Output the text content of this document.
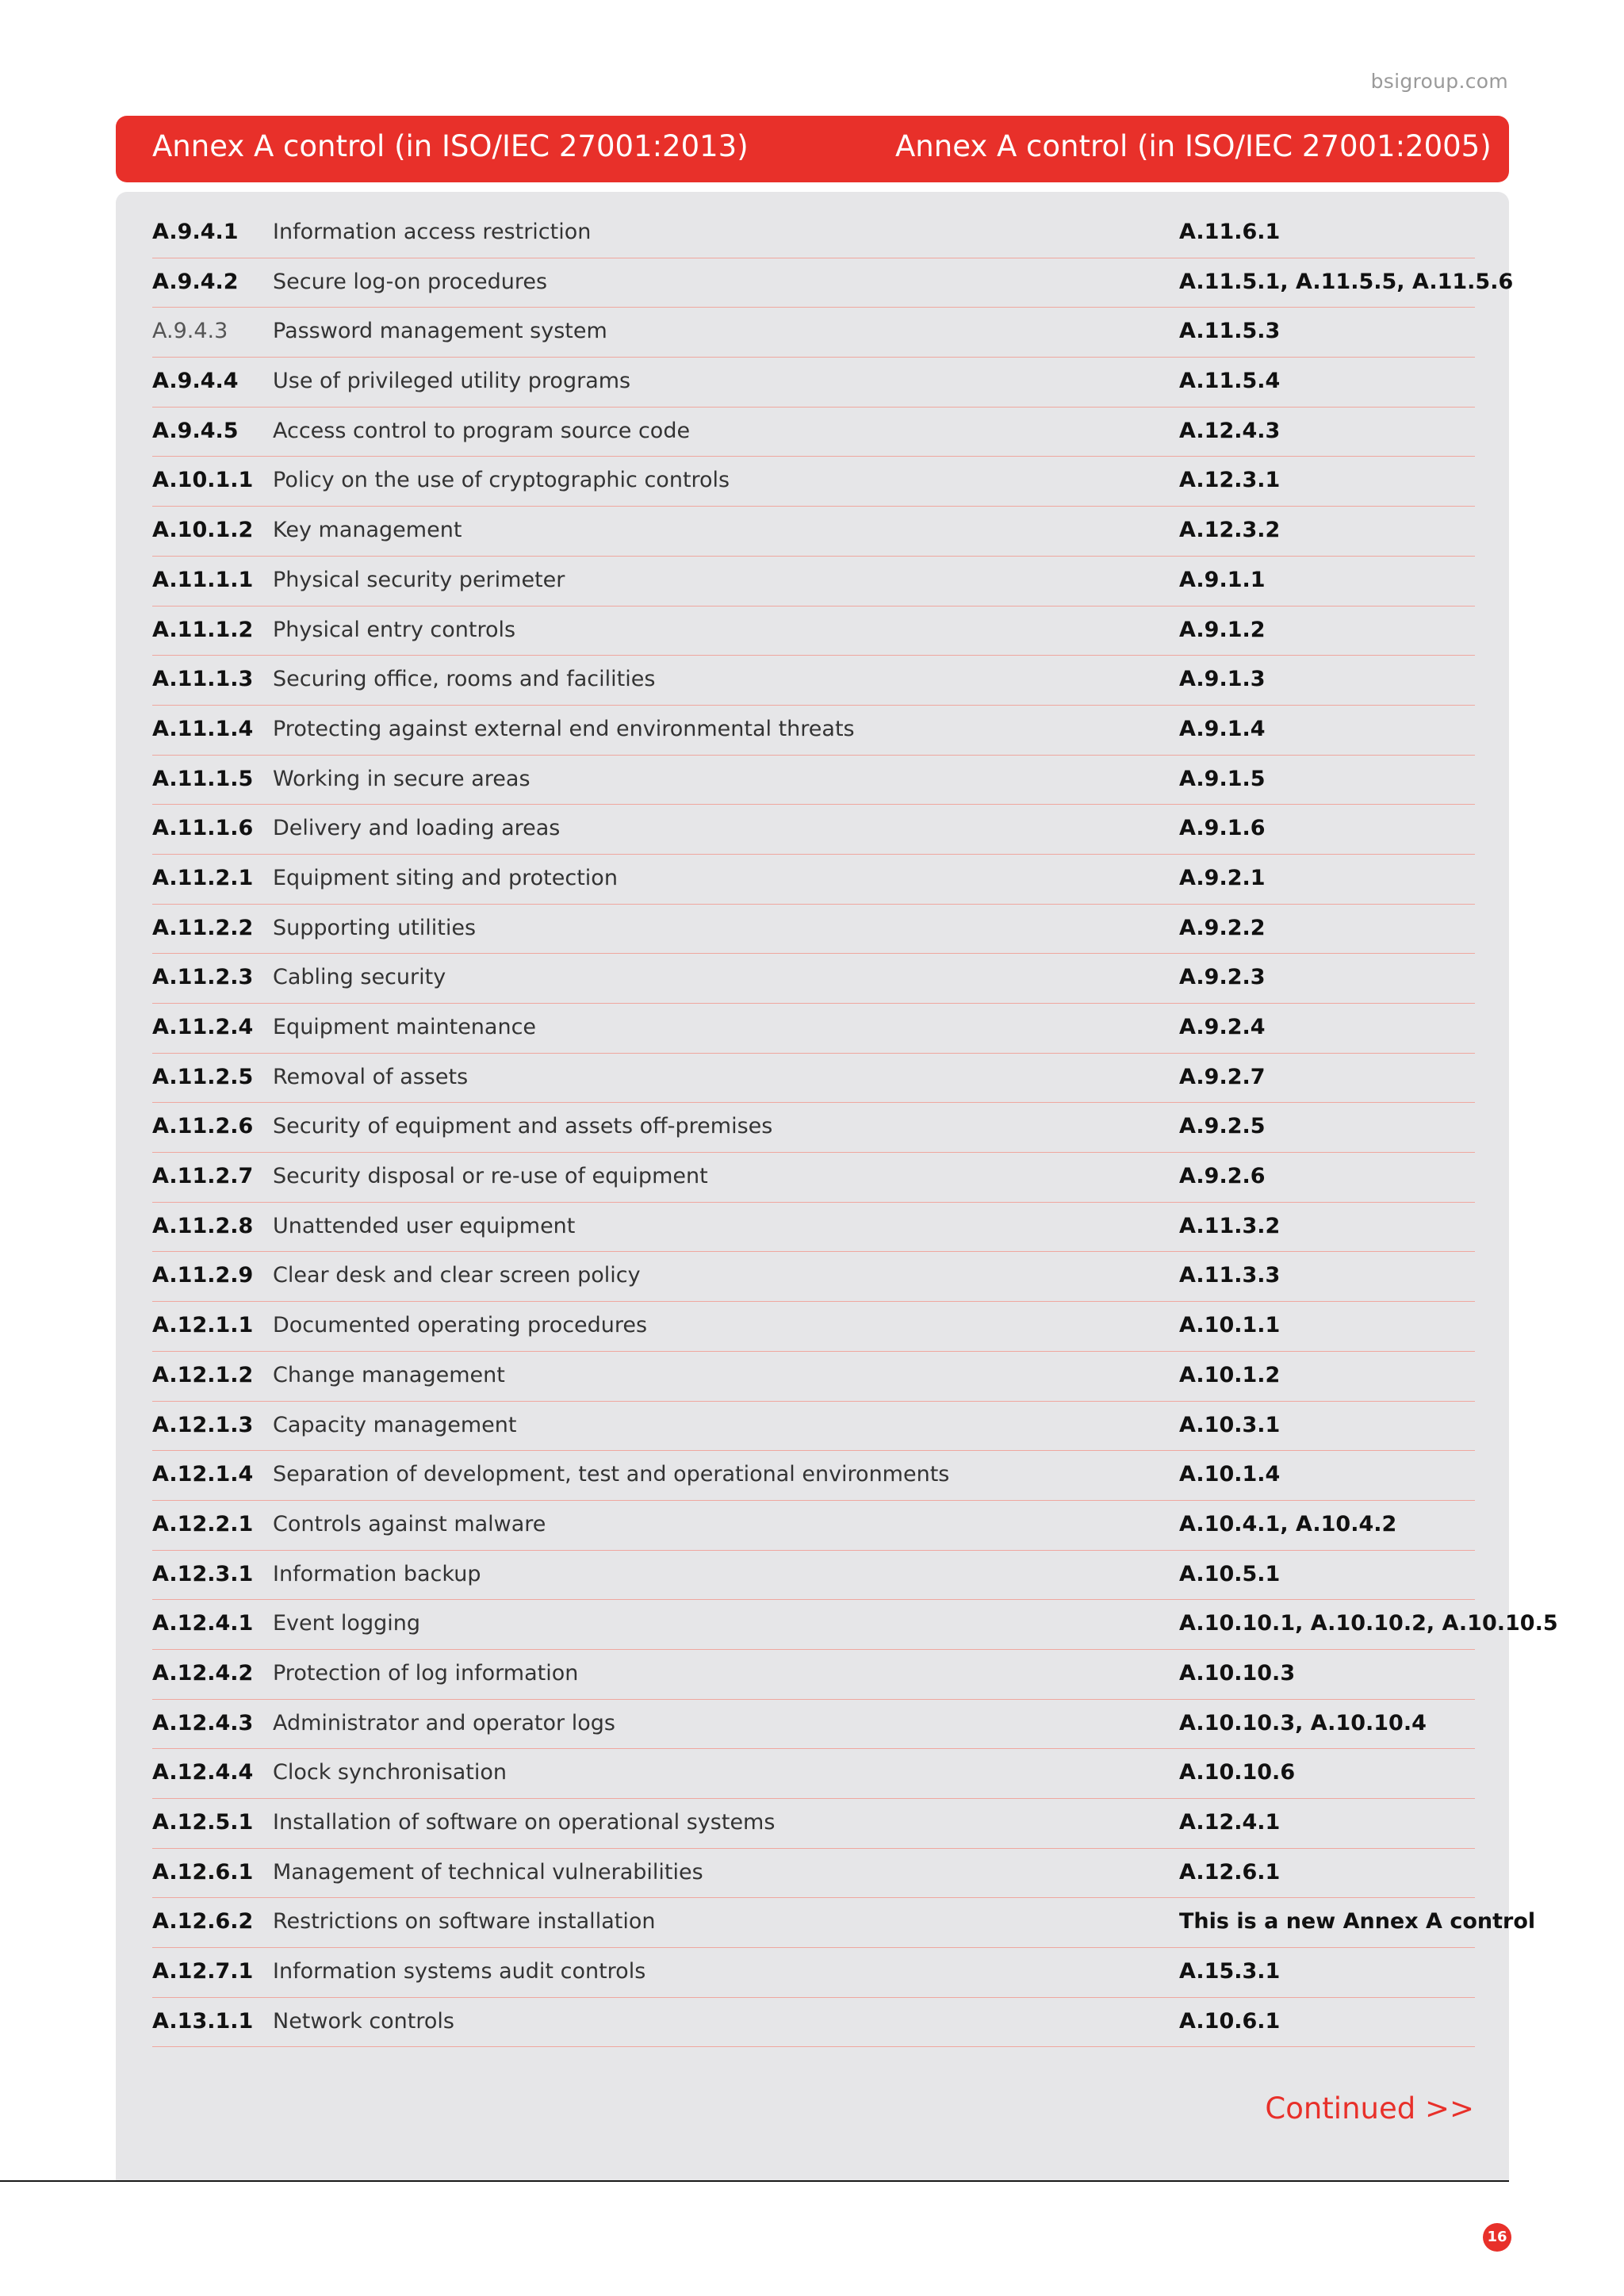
bsigroup.com
Annex A control (in ISO/IEC 27001:2013)	Annex A control (in ISO/IEC 27001:2005)
A.9.4.1 Information access restriction	A.11.6.1
A.9.4.2 Secure log-on procedures	A.11.5.1, A.11.5.5, A.11.5.6
A.9.4.3 Password management system	A.11.5.3
A.9.4.4 Use of privileged utility programs	A.11.5.4
A.9.4.5 Access control to program source code	A.12.4.3
A.10.1.1 Policy on the use of cryptographic controls	A.12.3.1
A.10.1.2 Key management	A.12.3.2
A.11.1.1 Physical security perimeter	A.9.1.1
A.11.1.2 Physical entry controls	A.9.1.2
A.11.1.3 Securing office, rooms and facilities	A.9.1.3
A.11.1.4 Protecting against external end environmental threats	A.9.1.4
A.11.1.5 Working in secure areas	A.9.1.5
A.11.1.6 Delivery and loading areas	A.9.1.6
A.11.2.1 Equipment siting and protection	A.9.2.1
A.11.2.2 Supporting utilities	A.9.2.2
A.11.2.3 Cabling security	A.9.2.3
A.11.2.4 Equipment maintenance	A.9.2.4
A.11.2.5 Removal of assets	A.9.2.7
A.11.2.6 Security of equipment and assets off-premises	A.9.2.5
A.11.2.7 Security disposal or re-use of equipment	A.9.2.6
A.11.2.8 Unattended user equipment	A.11.3.2
A.11.2.9 Clear desk and clear screen policy	A.11.3.3
A.12.1.1 Documented operating procedures	A.10.1.1
A.12.1.2 Change management	A.10.1.2
A.12.1.3 Capacity management	A.10.3.1
A.12.1.4 Separation of development, test and operational environments	A.10.1.4
A.12.2.1 Controls against malware	A.10.4.1, A.10.4.2
A.12.3.1 Information backup	A.10.5.1
A.12.4.1 Event logging	A.10.10.1, A.10.10.2, A.10.10.5
A.12.4.2 Protection of log information	A.10.10.3
A.12.4.3 Administrator and operator logs	A.10.10.3, A.10.10.4
A.12.4.4 Clock synchronisation	A.10.10.6
A.12.5.1 Installation of software on operational systems	A.12.4.1
A.12.6.1 Management of technical vulnerabilities	A.12.6.1
A.12.6.2 Restrictions on software installation	This is a new Annex A control
A.12.7.1 Information systems audit controls	A.15.3.1
A.13.1.1 Network controls	A.10.6.1
Continued >>
16
